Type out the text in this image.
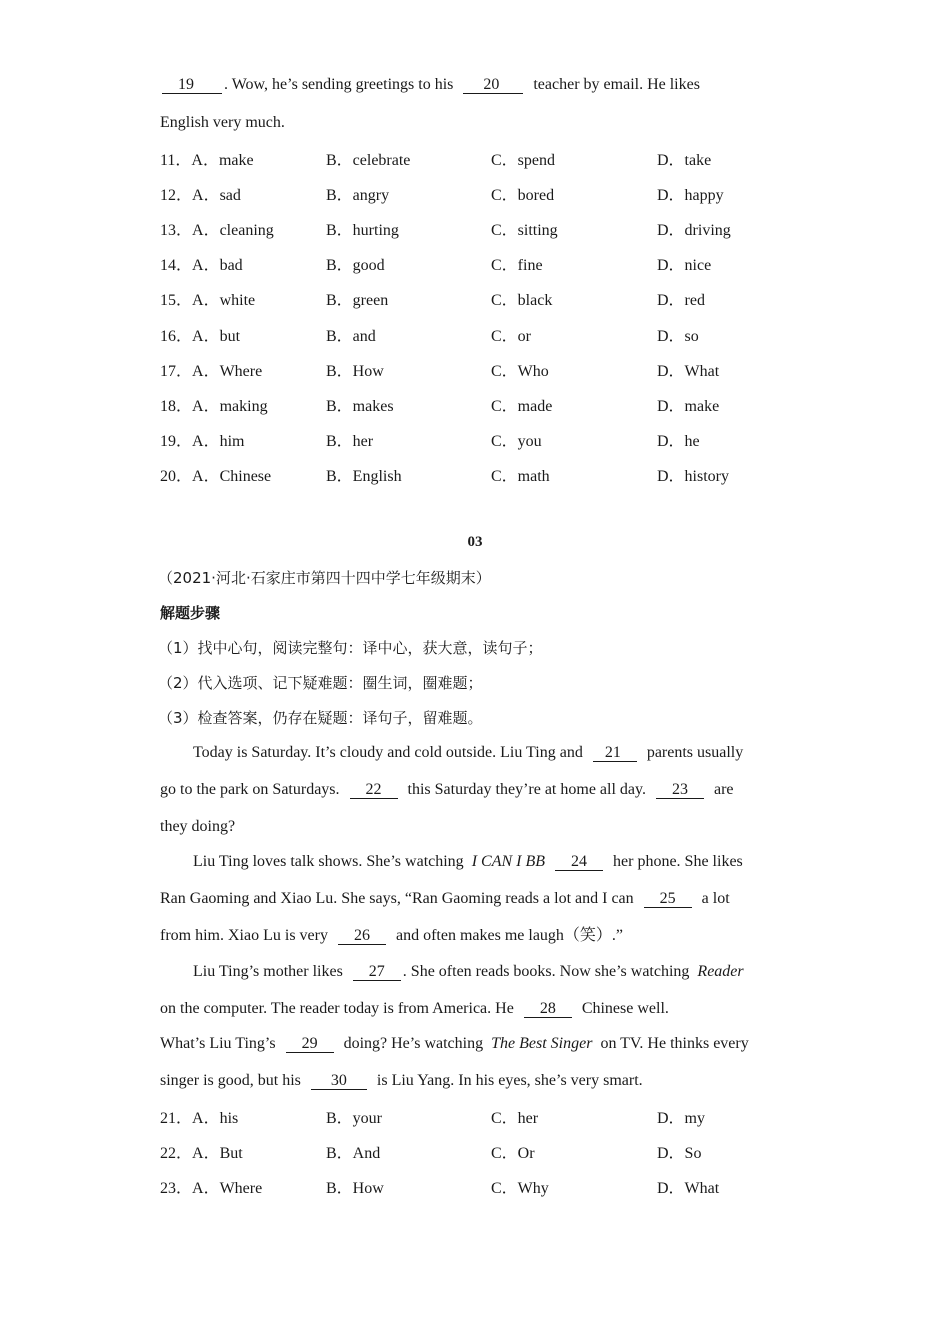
19 . Wow, he’s sending greetings to his 20 teacher by email. He likes
English very much.
11．A．make	B．celebrate	C．spend	D．take
12．A．sad	B．angry	C．bored	D．happy
13．A．cleaning	B．hurting	C．sitting	D．driving
14．A．bad	B．good	C．fine	D．nice
15．A．white	B．green	C．black	D．red
16．A．but	B．and	C．or	D．so
17．A．Where	B．How	C．Who	D．What
18．A．making	B．makes	C．made	D．make
19．A．him	B．her	C．you	D．he
20．A．Chinese	B．English	C．math	D．history
03
（2021·河北·石家庄市第四十四中学七年级期末）
解题步骤
（1）找中心句，阅读完整句：译中心，获大意，读句子；
（2）代入选项、记下疑难题：圈生词，圈难题；
（3）检查答案，仍存在疑题：译句子，留难题。
Today is Saturday. It’s cloudy and cold outside. Liu Ting and 21 parents usually
go to the park on Saturdays. 22 this Saturday they’re at home all day. 23 are
they doing?
Liu Ting loves talk shows. She’s watching I CAN I BB 24 her phone. She likes
Ran Gaoming and Xiao Lu. She says, “Ran Gaoming reads a lot and I can 25 a lot
from him. Xiao Lu is very 26 and often makes me laugh（笑）.”
Liu Ting’s mother likes 27 . She often reads books. Now she’s watching Reader
on the computer. The reader today is from America. He 28 Chinese well.
What’s Liu Ting’s 29 doing? He’s watching The Best Singer on TV. He thinks every
singer is good, but his 30 is Liu Yang. In his eyes, she’s very smart.
21．A．his	B．your	C．her	D．my
22．A．But	B．And	C．Or	D．So
23．A．Where	B．How	C．Why	D．What
